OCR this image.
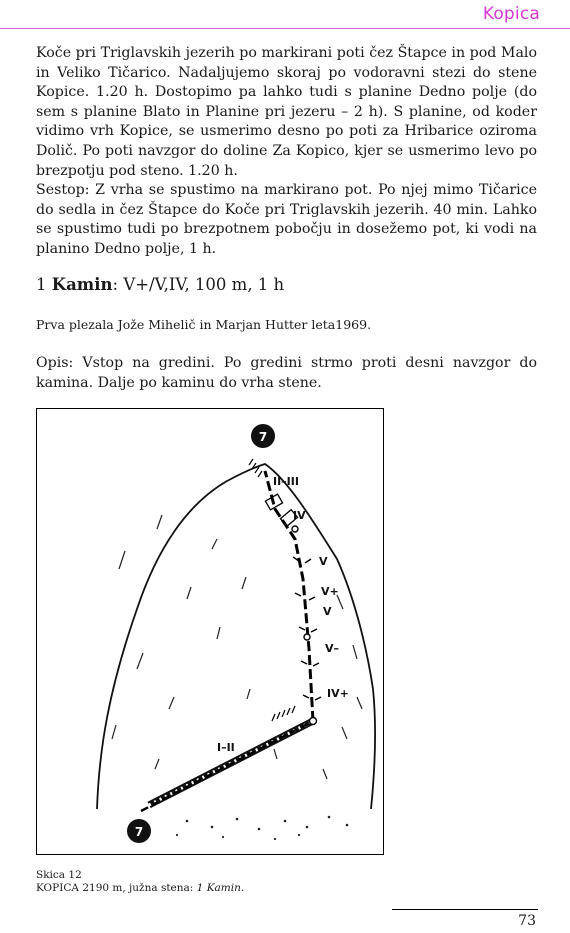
Kopica

Koče pri Triglavskih jezerih po markirani poti čez Štapce in pod Malo in Veliko Tičarico. Nadaljujemo skoraj po vodoravni stezi do stene Kopice. 1.20 h. Dostopimo pa lahko tudi s planine Dedno polje (do sem s planine Blato in Planine pri jezeru – 2 h). S planine, od koder vidimo vrh Kopice, se usmerimo desno po poti za Hribarice oziroma Dolič. Po poti navzgor do doline Za Kopico, kjer se usmerimo levo po brezpotju pod steno. 1.20 h.

Sestop: Z vrha se spustimo na markirano pot. Po njej mimo Tičarice do sedla in čez Štapce do Koče pri Triglavskih jezerih. 40 min. Lahko se spustimo tudi po brezpotnem pobočju in dosežemo pot, ki vodi na planino Dedno polje, 1 h.

1 Kamin: V+/V,IV, 100 m, 1 h
Prva plezala Jože Mihelič in Marjan Hutter leta1969.
Opis: Vstop na gredini. Po gredini strmo proti desni navzgor do kamina. Dalje po kaminu do vrha stene.
II–III
IV
V
V+
V
V–
IV+
I–II
7
7
Skica 12
KOPICA 2190 m, južna stena: 1 Kamin.
73
